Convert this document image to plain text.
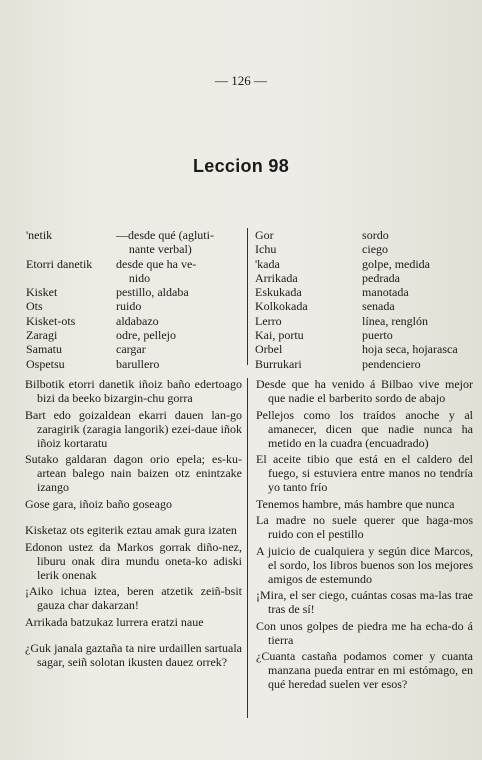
— 126 —
Leccion 98
'netik	—desde qué (agluti-
nante verbal)
Etorri danetik	desde que ha ve-
nido
Kisket	pestillo, aldaba
Ots	ruido
Kisket-ots	aldabazo
Zaragi	odre, pellejo
Samatu	cargar
Ospetsu	barullero
Gor	sordo
Ichu	ciego
'kada	golpe, medida
Arrikada	pedrada
Eskukada	manotada
Kolkokada	senada
Lerro	línea, renglón
Kai, portu	puerto
Orbel	hoja seca, hojarasca
Burrukari	pendenciero
Bilbotik etorri danetik iñoiz baño edertoago bizi da beeko bizargin-chu gorra
Bart edo goizaldean ekarri dauen lan-go zaragirik (zaragia langorik) ezei-daue iñok iñoiz kortaratu
Sutako galdaran dagon orio epela; es-ku-artean balego nain baizen otz enintzake izango
Gose gara, iñoiz baño goseago
Kisketaz ots egiterik eztau amak gura izaten
Edonon ustez da Markos gorrak diño-nez, liburu onak dira mundu oneta-ko adiski lerik onenak
¡Aiko ichua iztea, beren atzetik zeiñ-bsit gauza char dakarzan!
Arrikada batzukaz lurrera eratzi naue
¿Guk janala gaztaña ta nire urdaillen sartuala sagar, seiñ solotan ikusten dauez orrek?
Desde que ha venido á Bilbao vive mejor que nadie el barberito sordo de abajo
Pellejos como los traídos anoche y al amanecer, dicen que nadie nunca ha metido en la cuadra (encuadrado)
El aceite tibio que está en el caldero del fuego, si estuviera entre manos no tendría yo tanto frío
Tenemos hambre, más hambre que nunca
La madre no suele querer que haga-mos ruido con el pestillo
A juicio de cualquiera y según dice Marcos, el sordo, los libros buenos son los mejores amigos de estemundo
¡Mira, el ser ciego, cuántas cosas ma-las trae tras de sí!
Con unos golpes de piedra me ha echa-do á tierra
¿Cuanta castaña podamos comer y cuanta manzana pueda entrar en mi estómago, en qué heredad suelen ver esos?
